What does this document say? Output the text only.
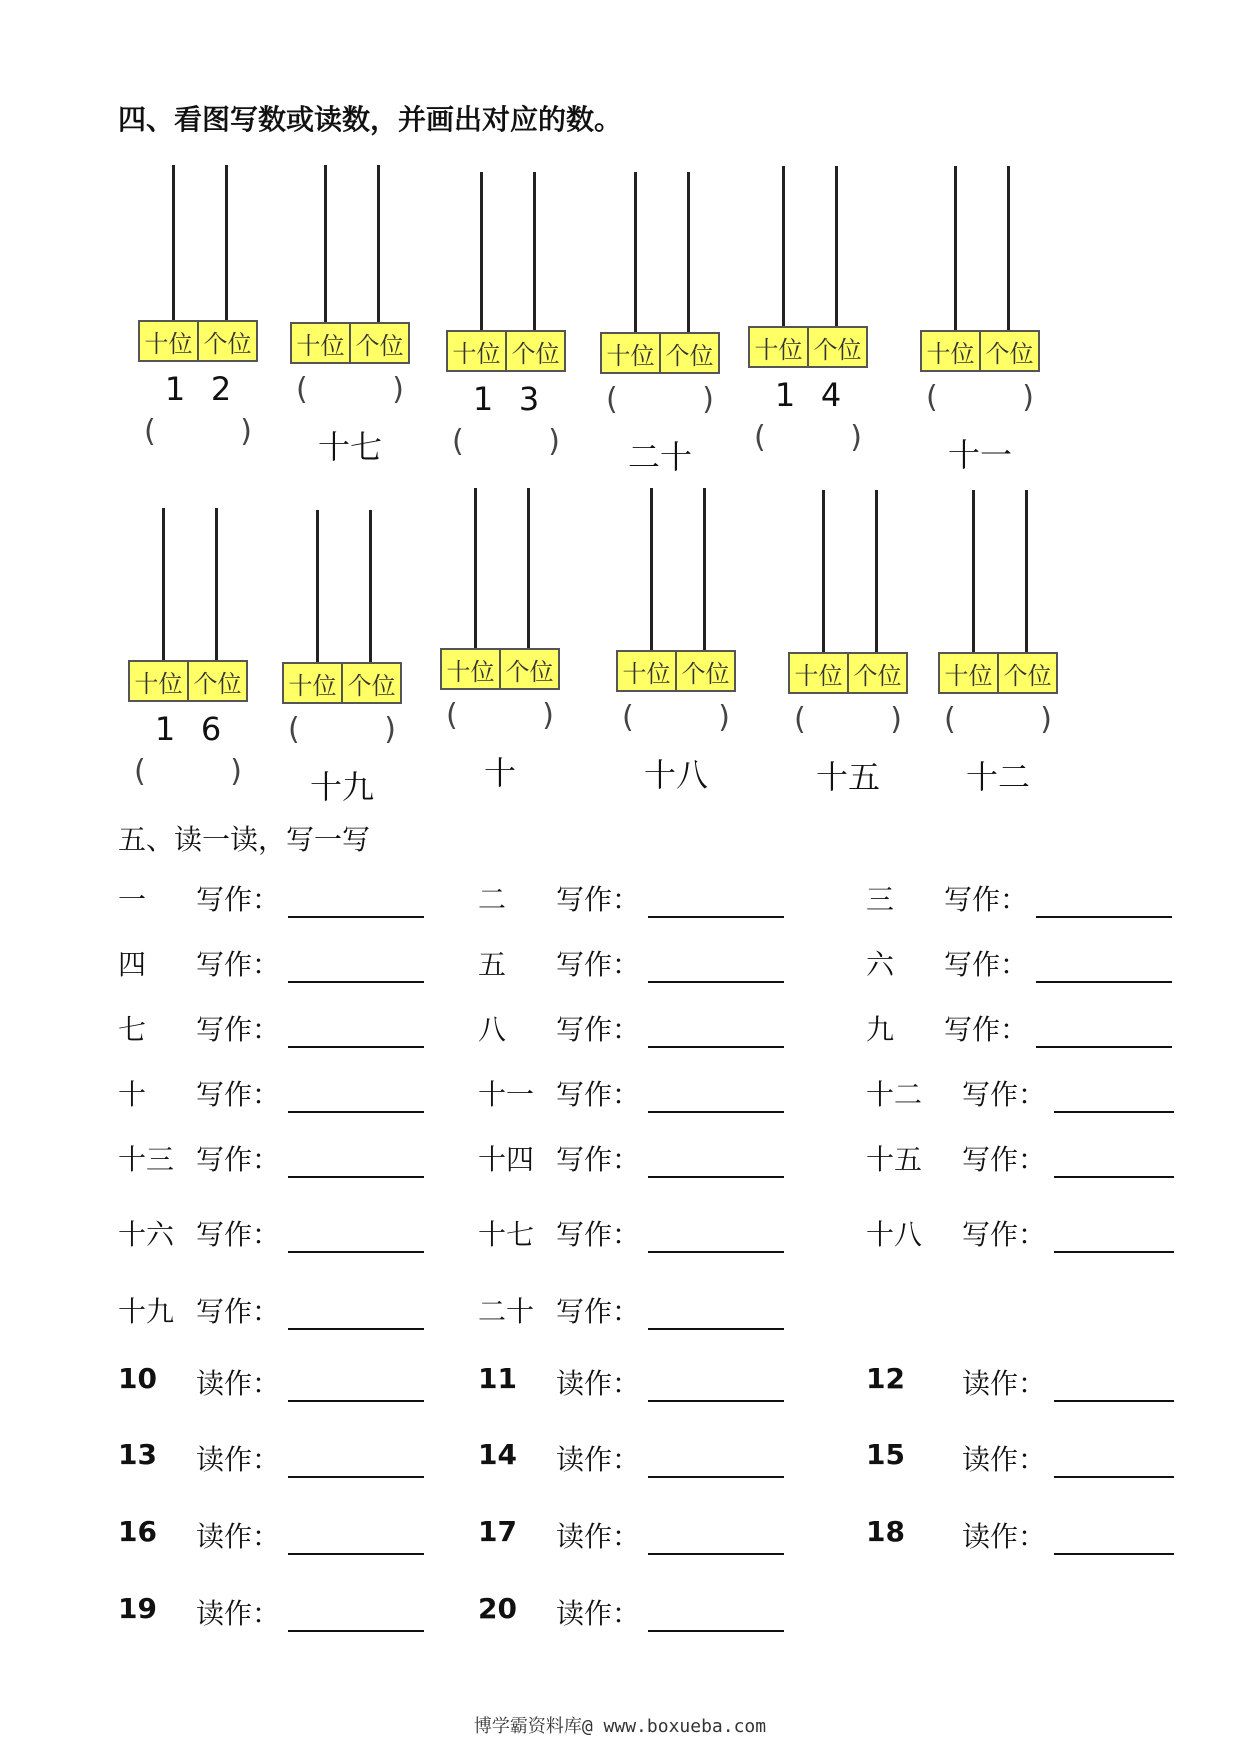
四、看图写数或读数，并画出对应的数。
十位 个位
1 2
(	)
十位 个位
(	)
十七
十位 个位
1 3
(	)
十位 个位
(	)
二十
十位 个位
1 4
(	)
十位 个位
(	)
十一
十位 个位
1 6
(	)
十位 个位
(	)
十九
十位 个位
(	)
十
十位 个位
(	)
十八
十位 个位
(	)
十五
十位 个位
(	)
十二
五、读一读，写一写
一 写作：	二 写作：	三 写作：
四 写作：	五 写作：	六 写作：
七 写作：	八 写作：	九 写作：
十 写作：	十一 写作：	十二 写作：
十三 写作：	十四 写作：	十五 写作：
十六 写作：	十七 写作：	十八 写作：
十九 写作：	二十 写作：
10 读作：	11 读作：	12 读作：
13 读作：	14 读作：	15 读作：
16 读作：	17 读作：	18 读作：
19 读作：	20 读作：
博学霸资料库@ www.boxueba.com
